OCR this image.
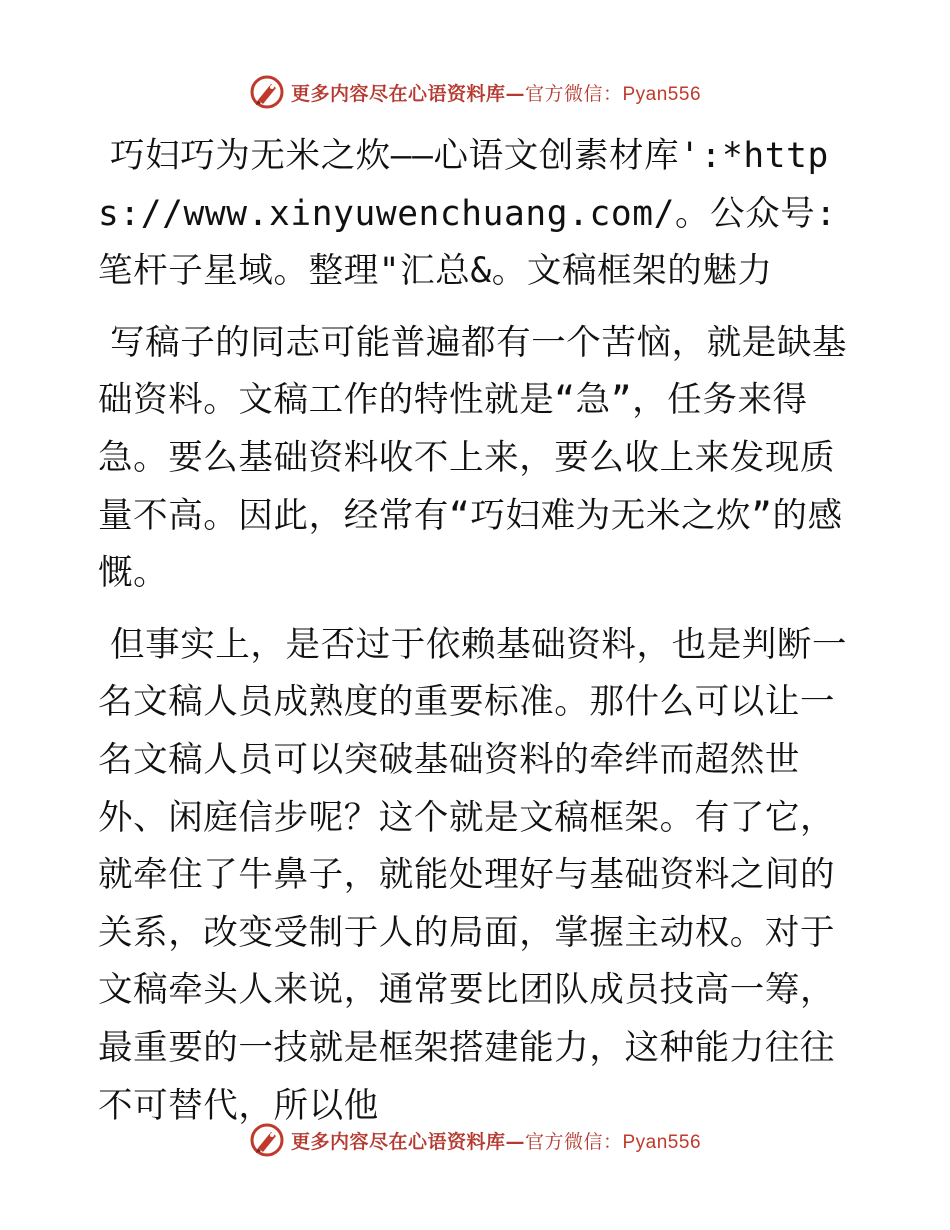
更多内容尽在心语资料库—官方微信：Pyan556

巧妇巧为无米之炊——心语文创素材库':*https://www.xinyuwenchuang.com/。公众号: 笔杆子星域。整理"汇总&。文稿框架的魅力

写稿子的同志可能普遍都有一个苦恼，就是缺基础资料。文稿工作的特性就是“急”，任务来得急。要么基础资料收不上来，要么收上来发现质量不高。因此，经常有“巧妇难为无米之炊”的感慨。

但事实上，是否过于依赖基础资料，也是判断一名文稿人员成熟度的重要标准。那什么可以让一名文稿人员可以突破基础资料的牵绊而超然世外、闲庭信步呢？这个就是文稿框架。有了它，就牵住了牛鼻子，就能处理好与基础资料之间的关系，改变受制于人的局面，掌握主动权。对于文稿牵头人来说，通常要比团队成员技高一筹，最重要的一技就是框架搭建能力，这种能力往往不可替代，所以他

更多内容尽在心语资料库—官方微信：Pyan556
